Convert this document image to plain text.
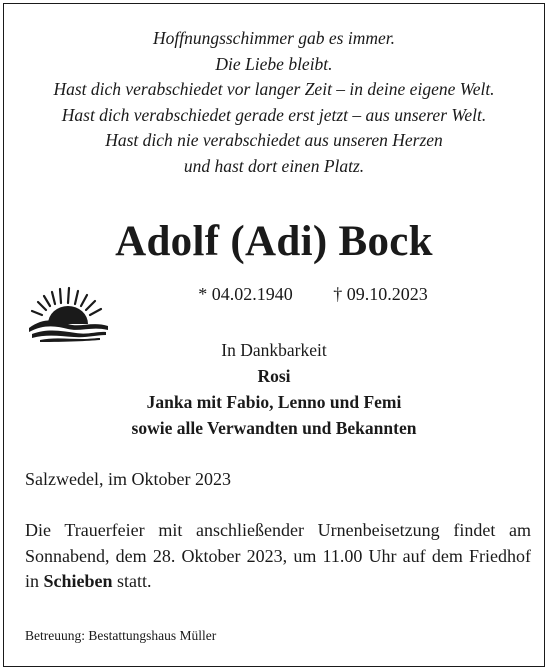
Hoffnungsschimmer gab es immer.
Die Liebe bleibt.
Hast dich verabschiedet vor langer Zeit – in deine eigene Welt.
Hast dich verabschiedet gerade erst jetzt – aus unserer Welt.
Hast dich nie verabschiedet aus unseren Herzen
und hast dort einen Platz.
Adolf (Adi) Bock
* 04.02.1940 † 09.10.2023
In Dankbarkeit
Rosi
Janka mit Fabio, Lenno und Femi
sowie alle Verwandten und Bekannten
Salzwedel, im Oktober 2023
Die Trauerfeier mit anschließender Urnenbeisetzung findet am Sonnabend, dem 28. Oktober 2023, um 11.00 Uhr auf dem Friedhof in Schieben statt.
Betreuung: Bestattungshaus Müller
